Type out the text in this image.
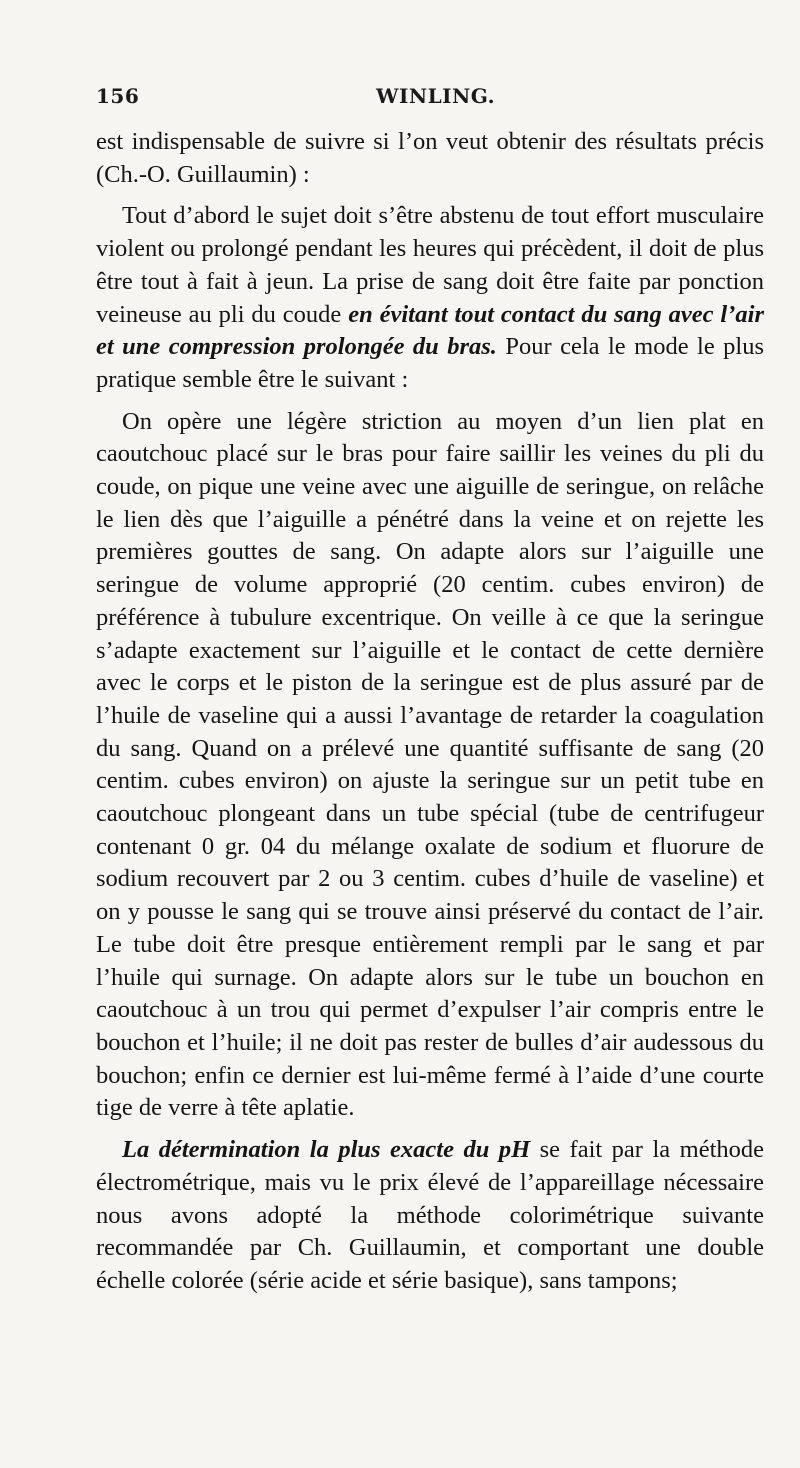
156	WINLING.

est indispensable de suivre si l’on veut obtenir des résultats précis (Ch.-O. Guillaumin) :

Tout d’abord le sujet doit s’être abstenu de tout effort musculaire violent ou prolongé pendant les heures qui précèdent, il doit de plus être tout à fait à jeun. La prise de sang doit être faite par ponction veineuse au pli du coude en évitant tout contact du sang avec l’air et une compression prolongée du bras. Pour cela le mode le plus pratique semble être le suivant :

On opère une légère striction au moyen d’un lien plat en caoutchouc placé sur le bras pour faire saillir les veines du pli du coude, on pique une veine avec une aiguille de seringue, on relâche le lien dès que l’aiguille a pénétré dans la veine et on rejette les premières gouttes de sang. On adapte alors sur l’aiguille une seringue de volume approprié (20 centim. cubes environ) de préférence à tubulure excentrique. On veille à ce que la seringue s’adapte exactement sur l’aiguille et le contact de cette dernière avec le corps et le piston de la seringue est de plus assuré par de l’huile de vaseline qui a aussi l’avantage de retarder la coagulation du sang. Quand on a prélevé une quantité suffisante de sang (20 centim. cubes environ) on ajuste la seringue sur un petit tube en caoutchouc plongeant dans un tube spécial (tube de centrifugeur contenant 0 gr. 04 du mélange oxalate de sodium et fluorure de sodium recouvert par 2 ou 3 centim. cubes d’huile de vaseline) et on y pousse le sang qui se trouve ainsi préservé du contact de l’air. Le tube doit être presque entièrement rempli par le sang et par l’huile qui surnage. On adapte alors sur le tube un bouchon en caoutchouc à un trou qui permet d’expulser l’air compris entre le bouchon et l’huile; il ne doit pas rester de bulles d’air audessous du bouchon; enfin ce dernier est lui-même fermé à l’aide d’une courte tige de verre à tête aplatie.

La détermination la plus exacte du pH se fait par la méthode électrométrique, mais vu le prix élevé de l’appareillage nécessaire nous avons adopté la méthode colorimétrique suivante recommandée par Ch. Guillaumin, et comportant une double échelle colorée (série acide et série basique), sans tampons;
